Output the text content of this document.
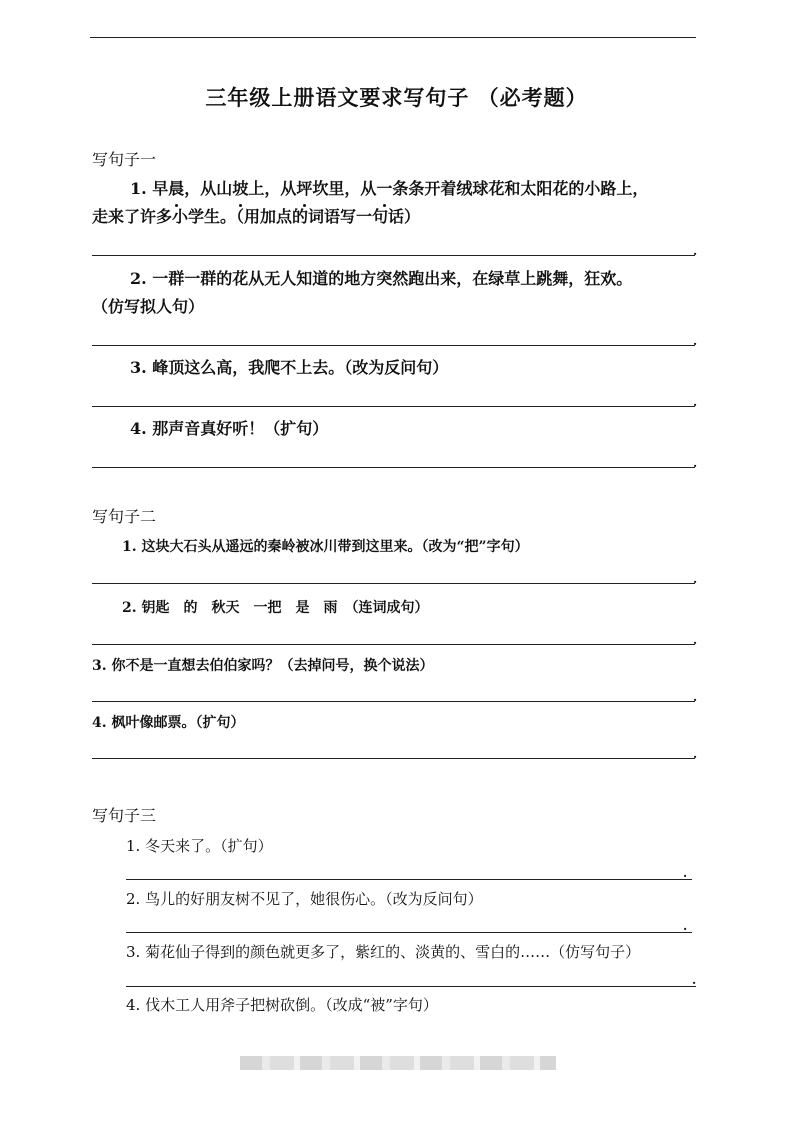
三年级上册语文要求写句子 （必考题）
写句子一
1. 早晨，从山坡上，从坪坎里，从一条条开着绒球花和太阳花的小路上，
走来了许多小学生。（用加点的词语写一句话）
.
2. 一群一群的花从无人知道的地方突然跑出来，在绿草上跳舞，狂欢。
（仿写拟人句）
.
3. 峰顶这么高，我爬不上去。（改为反问句）
.
4. 那声音真好听！（扩句）
.
写句子二
1. 这块大石头从遥远的秦岭被冰川带到这里来。（改为“把”字句）
.
2. 钥匙　的　秋天　一把　是　雨　（连词成句）
.
3. 你不是一直想去伯伯家吗？（去掉问号，换个说法）
.
4. 枫叶像邮票。（扩句）
.
写句子三
1. 冬天来了。（扩句）
.
2. 鸟儿的好朋友树不见了，她很伤心。（改为反问句）
.
3. 菊花仙子得到的颜色就更多了，紫红的、淡黄的、雪白的……（仿写句子）
.
4. 伐木工人用斧子把树砍倒。（改成“被”字句）
